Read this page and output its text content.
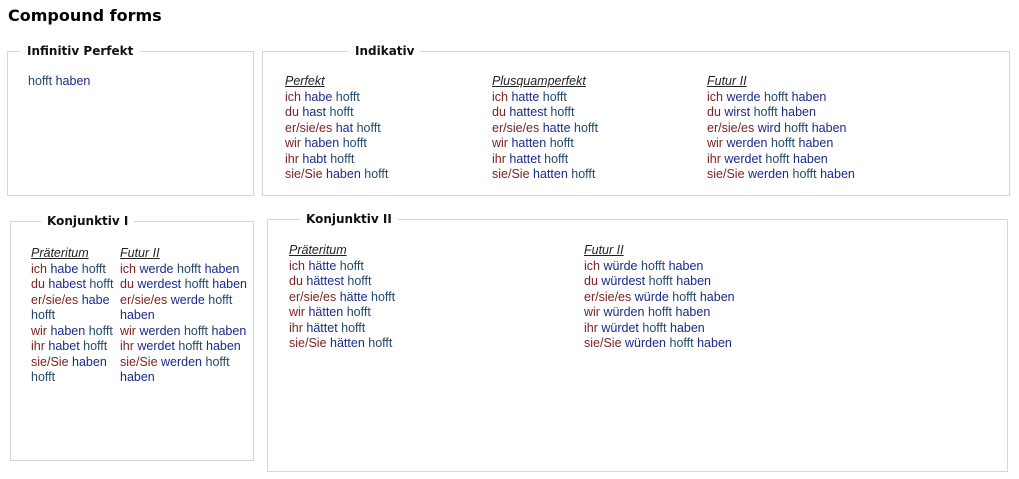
Compound forms
Infinitiv Perfekt
hofft haben
Indikativ
Perfekt
ich habe hofft
du hast hofft
er/sie/es hat hofft
wir haben hofft
ihr habt hofft
sie/Sie haben hofft
Plusquamperfekt
ich hatte hofft
du hattest hofft
er/sie/es hatte hofft
wir hatten hofft
ihr hattet hofft
sie/Sie hatten hofft
Futur II
ich werde hofft haben
du wirst hofft haben
er/sie/es wird hofft haben
wir werden hofft haben
ihr werdet hofft haben
sie/Sie werden hofft haben
Konjunktiv I
Präteritum
ich habe hofft
du habest hofft
er/sie/es habe hofft
wir haben hofft
ihr habet hofft
sie/Sie haben hofft
Futur II
ich werde hofft haben
du werdest hofft haben
er/sie/es werde hofft haben
wir werden hofft haben
ihr werdet hofft haben
sie/Sie werden hofft haben
Konjunktiv II
Präteritum
ich hätte hofft
du hättest hofft
er/sie/es hätte hofft
wir hätten hofft
ihr hättet hofft
sie/Sie hätten hofft
Futur II
ich würde hofft haben
du würdest hofft haben
er/sie/es würde hofft haben
wir würden hofft haben
ihr würdet hofft haben
sie/Sie würden hofft haben
